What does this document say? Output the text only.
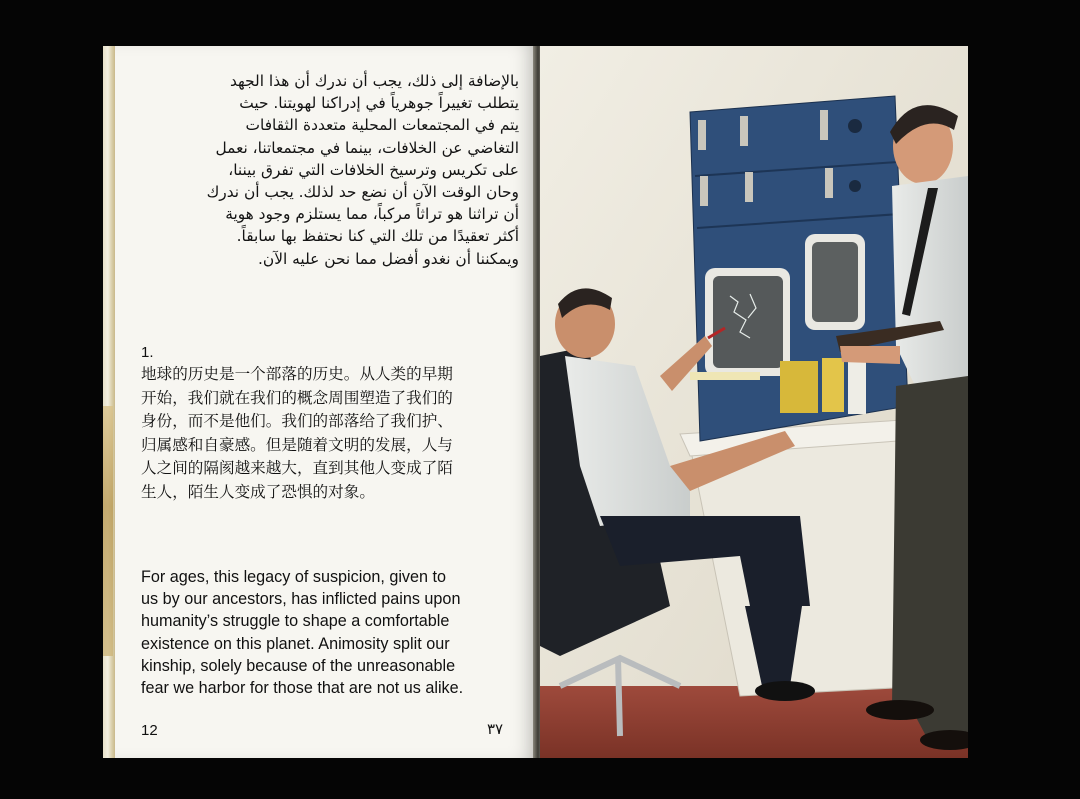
بالإضافة إلى ذلك، يجب أن ندرك أن هذا الجهد
يتطلب تغييراً جوهرياً في إدراكنا لهويتنا. حيث
يتم في المجتمعات المحلية متعددة الثقافات
التغاضي عن الخلافات، بينما في مجتمعاتنا، نعمل
على تكريس وترسيخ الخلافات التي تفرق بيننا،
وحان الوقت الآن أن نضع حد لذلك. يجب أن ندرك
أن تراثنا هو تراثاً مركباً، مما يستلزم وجود هوية
أكثر تعقيدًا من تلك التي كنا نحتفظ بها سابقاً.
ويمكننا أن نغدو أفضل مما نحن عليه الآن.
1.
地球的历史是一个部落的历史。从人类的早期
开始，我们就在我们的概念周围塑造了我们的
身份，而不是他们。我们的部落给了我们护、
归属感和自豪感。但是随着文明的发展，人与
人之间的隔阂越来越大，直到其他人变成了陌
生人，陌生人变成了恐惧的对象。
For ages, this legacy of suspicion, given to
us by our ancestors, has inflicted pains upon
humanity’s struggle to shape a comfortable
existence on this planet. Animosity split our
kinship, solely because of the unreasonable
fear we harbor for those that are not us alike.
12	٣٧
